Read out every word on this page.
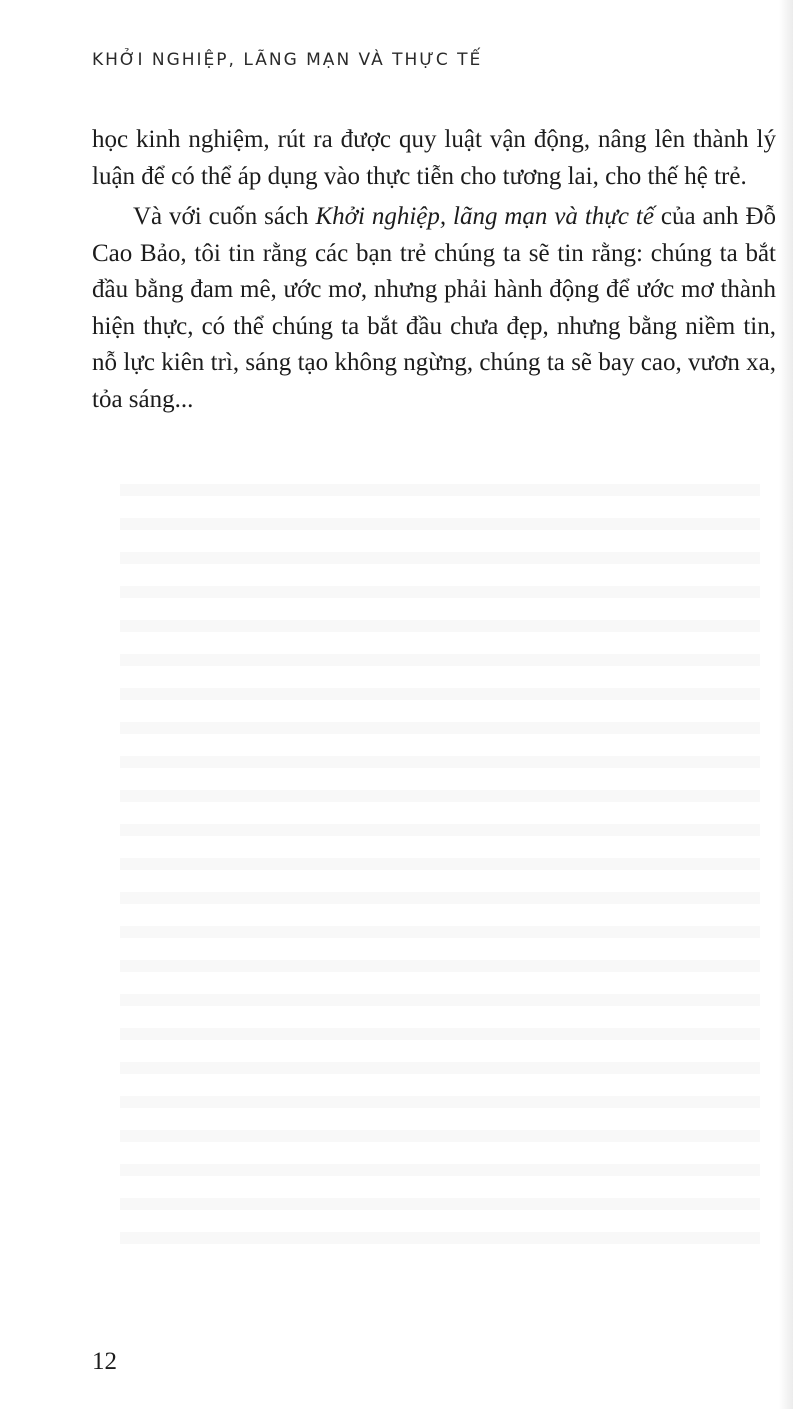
KHỞI NGHIỆP, LÃNG MẠN VÀ THỰC TẾ

học kinh nghiệm, rút ra được quy luật vận động, nâng lên thành lý luận để có thể áp dụng vào thực tiễn cho tương lai, cho thế hệ trẻ.

Và với cuốn sách Khởi nghiệp, lãng mạn và thực tế của anh Đỗ Cao Bảo, tôi tin rằng các bạn trẻ chúng ta sẽ tin rằng: chúng ta bắt đầu bằng đam mê, ước mơ, nhưng phải hành động để ước mơ thành hiện thực, có thể chúng ta bắt đầu chưa đẹp, nhưng bằng niềm tin, nỗ lực kiên trì, sáng tạo không ngừng, chúng ta sẽ bay cao, vươn xa, tỏa sáng...

12
